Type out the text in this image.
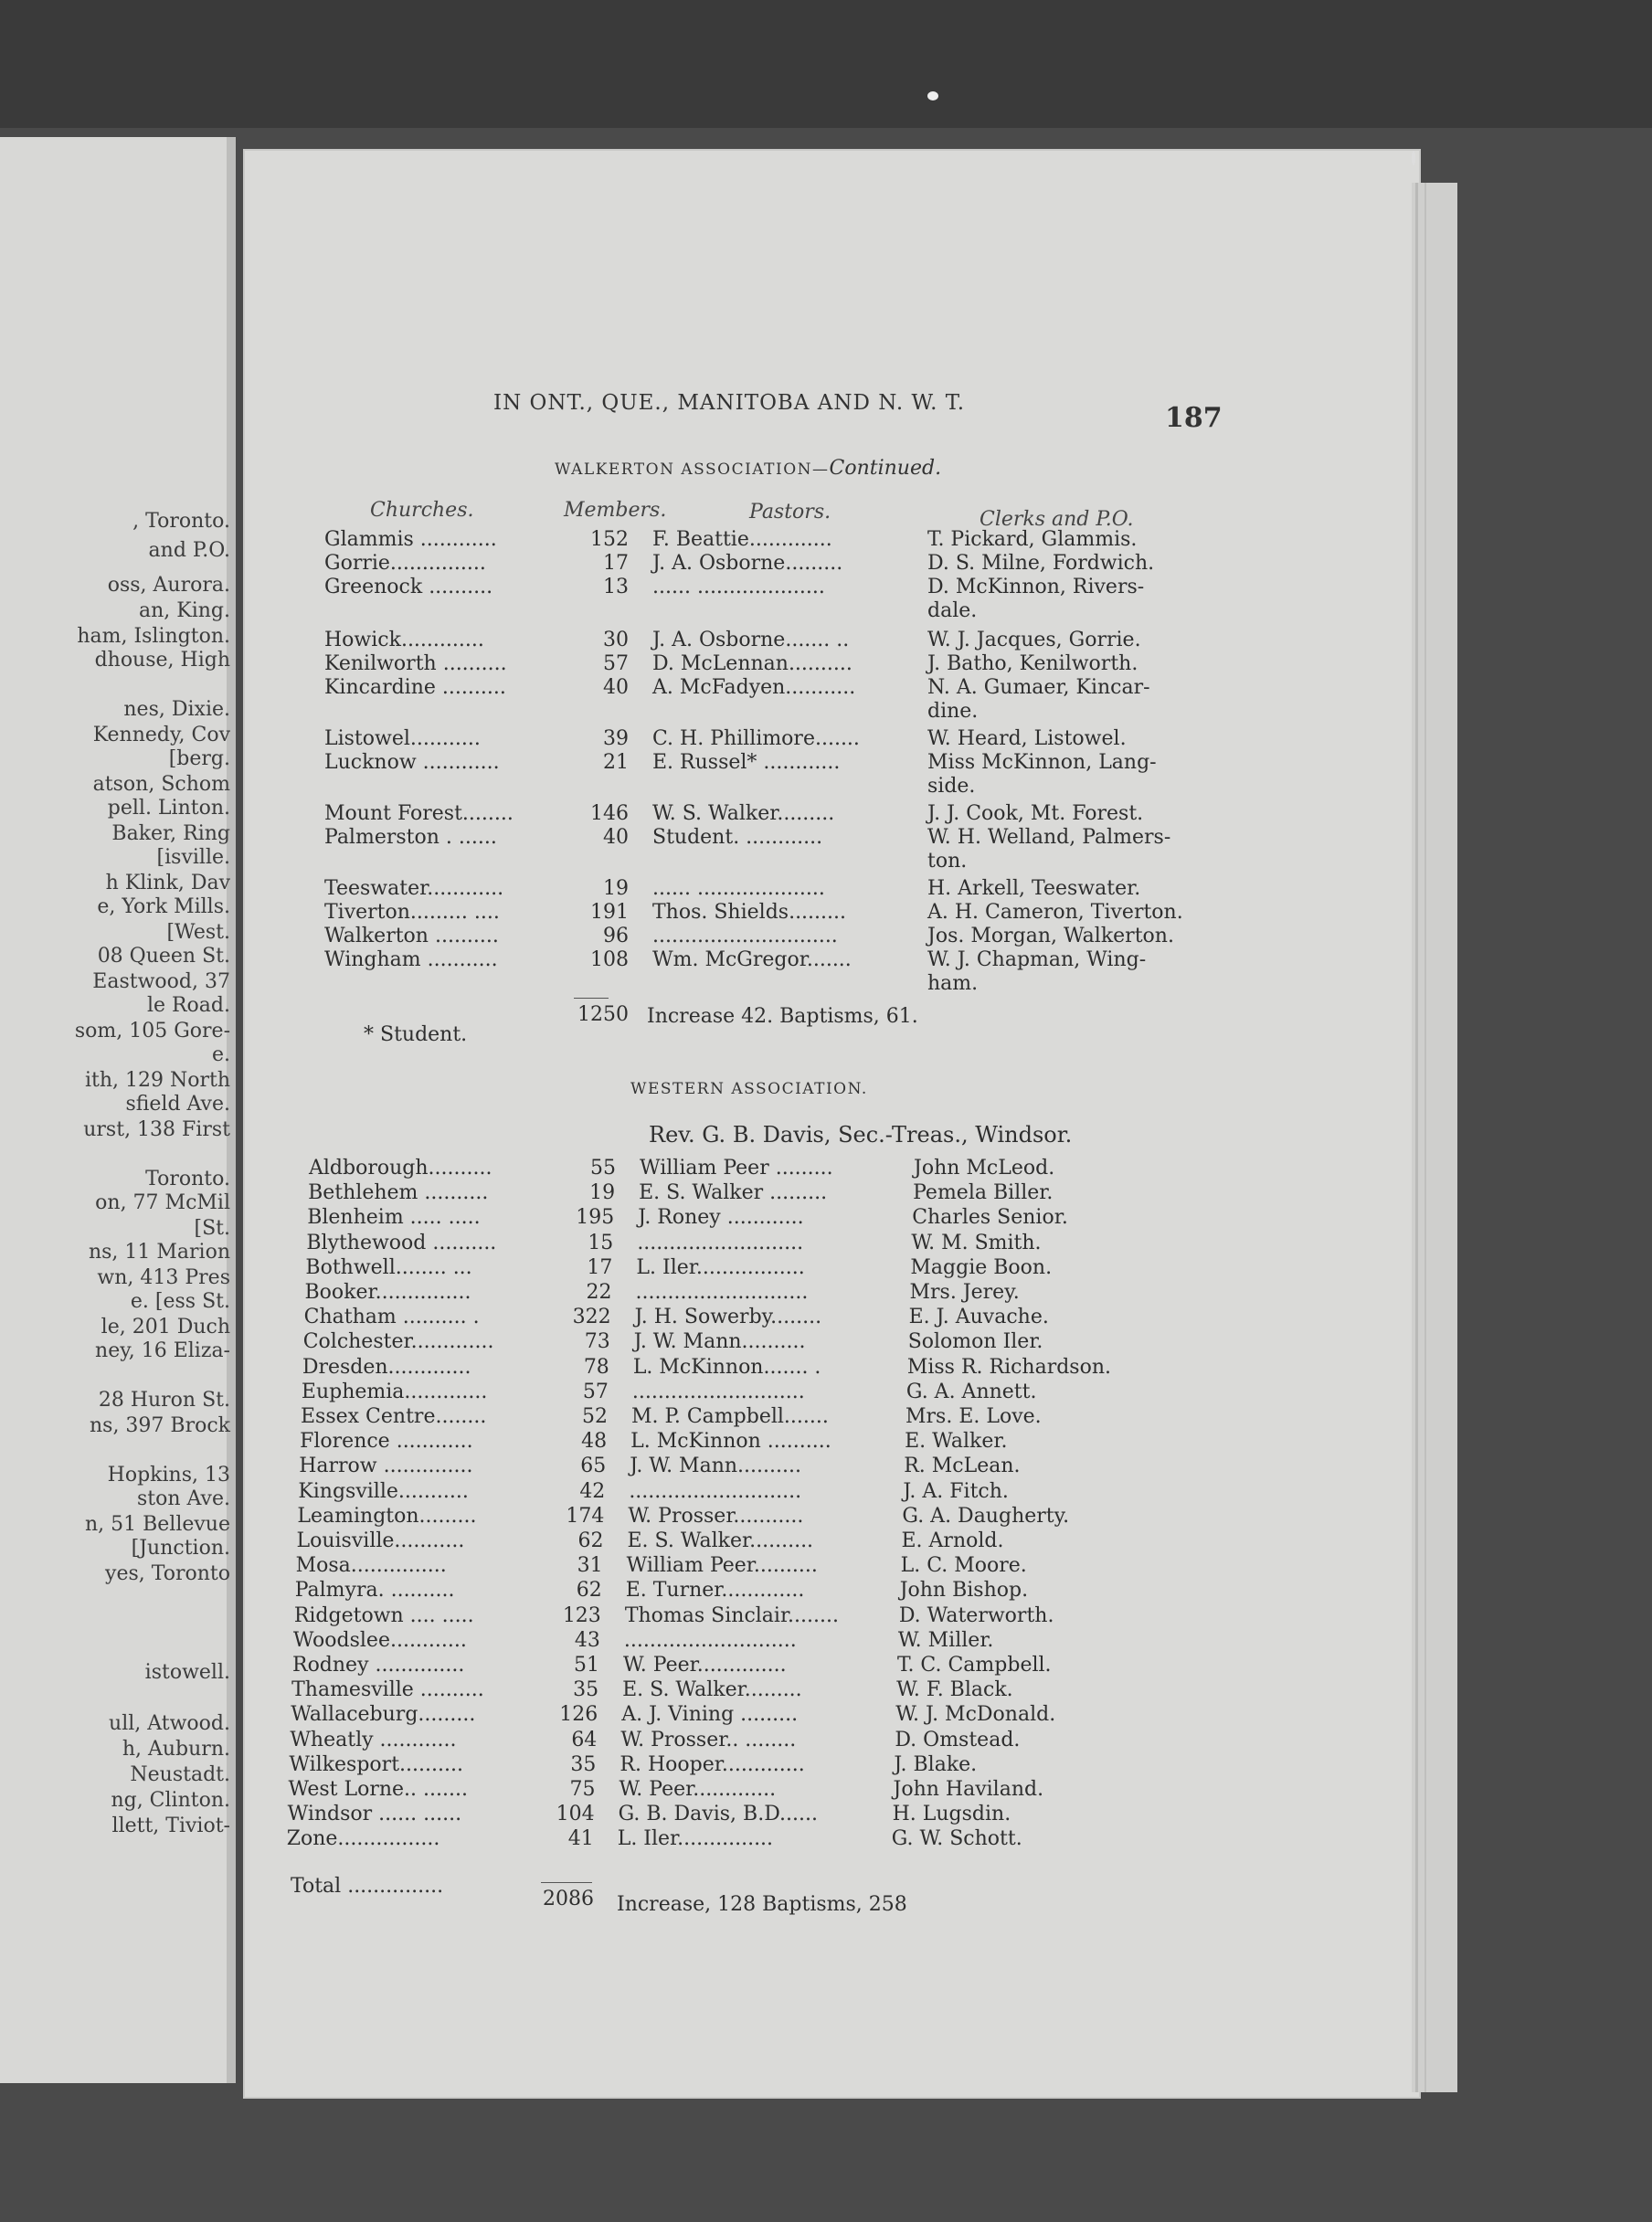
, Toronto.
and P.O.
oss, Aurora.
an, King.
ham, Islington.
dhouse, High
nes, Dixie.
Kennedy, Cov
[berg.
atson, Schom
pell. Linton.
Baker, Ring
[isville.
h Klink, Dav
e, York Mills.
[West.
08 Queen St.
Eastwood, 37
le Road.
som, 105 Gore-
e.
ith, 129 North
sfield Ave.
urst, 138 First
Toronto.
on, 77 McMil
[St.
ns, 11 Marion
wn, 413 Pres
e. [ess St.
le, 201 Duch
ney, 16 Eliza-
28 Huron St.
ns, 397 Brock
Hopkins, 13
ston Ave.
n, 51 Bellevue
[Junction.
yes, Toronto
istowell.
ull, Atwood.
h, Auburn.
Neustadt.
ng, Clinton.
llett, Tiviot-
IN ONT., QUE., MANITOBA AND N. W. T.	187
WALKERTON ASSOCIATION—Continued.
Churches.	Members.	Pastors.	Clerks and P.O.
Glammis ............	152 F. Beattie.............	T. Pickard, Glammis.
Gorrie...............	17 J. A. Osborne.........	D. S. Milne, Fordwich.
Greenock ..........	13 ...... ....................	D. McKinnon, Rivers-
dale.
Howick.............	30 J. A. Osborne....... ..	W. J. Jacques, Gorrie.
Kenilworth ..........	57 D. McLennan..........	J. Batho, Kenilworth.
Kincardine ..........	40 A. McFadyen...........	N. A. Gumaer, Kincar-
dine.
Listowel...........	39 C. H. Phillimore.......	W. Heard, Listowel.
Lucknow ............	21 E. Russel* ............	Miss McKinnon, Lang-
side.
Mount Forest........	146 W. S. Walker.........	J. J. Cook, Mt. Forest.
Palmerston . ......	40 Student. ............	W. H. Welland, Palmers-
ton.
Teeswater............	19 ...... ....................	H. Arkell, Teeswater.
Tiverton......... ....	191 Thos. Shields.........	A. H. Cameron, Tiverton.
Walkerton ..........	96 .............................	Jos. Morgan, Walkerton.
Wingham ...........	108 Wm. McGregor.......	W. J. Chapman, Wing-
ham.
1250 Increase 42. Baptisms, 61.
* Student.
WESTERN ASSOCIATION.
Rev. G. B. Davis, Sec.-Treas., Windsor.
Aldborough..........	55 William Peer .........	John McLeod.
Bethlehem ..........	19 E. S. Walker .........	Pemela Biller.
Blenheim ..... .....	195 J. Roney ............	Charles Senior.
Blythewood ..........	15 ..........................	W. M. Smith.
Bothwell........ ...	17 L. Iler.................	Maggie Boon.
Booker...............	22 ...........................	Mrs. Jerey.
Chatham .......... .	322 J. H. Sowerby........	E. J. Auvache.
Colchester.............	73 J. W. Mann..........	Solomon Iler.
Dresden.............	78 L. McKinnon....... .	Miss R. Richardson.
Euphemia.............	57 ...........................	G. A. Annett.
Essex Centre........	52 M. P. Campbell.......	Mrs. E. Love.
Florence ............	48 L. McKinnon ..........	E. Walker.
Harrow ..............	65 J. W. Mann..........	R. McLean.
Kingsville...........	42 ...........................	J. A. Fitch.
Leamington.........	174 W. Prosser...........	G. A. Daugherty.
Louisville...........	62 E. S. Walker..........	E. Arnold.
Mosa...............	31 William Peer..........	L. C. Moore.
Palmyra. ..........	62 E. Turner.............	John Bishop.
Ridgetown .... .....	123 Thomas Sinclair........	D. Waterworth.
Woodslee............	43 ...........................	W. Miller.
Rodney ..............	51 W. Peer..............	T. C. Campbell.
Thamesville ..........	35 E. S. Walker.........	W. F. Black.
Wallaceburg.........	126 A. J. Vining .........	W. J. McDonald.
Wheatly ............	64 W. Prosser.. ........	D. Omstead.
Wilkesport..........	35 R. Hooper.............	J. Blake.
West Lorne.. .......	75 W. Peer.............	John Haviland.
Windsor ...... ......	104 G. B. Davis, B.D......	H. Lugsdin.
Zone................	41 L. Iler...............	G. W. Schott.
Total ...............
2086 Increase, 128 Baptisms, 258
